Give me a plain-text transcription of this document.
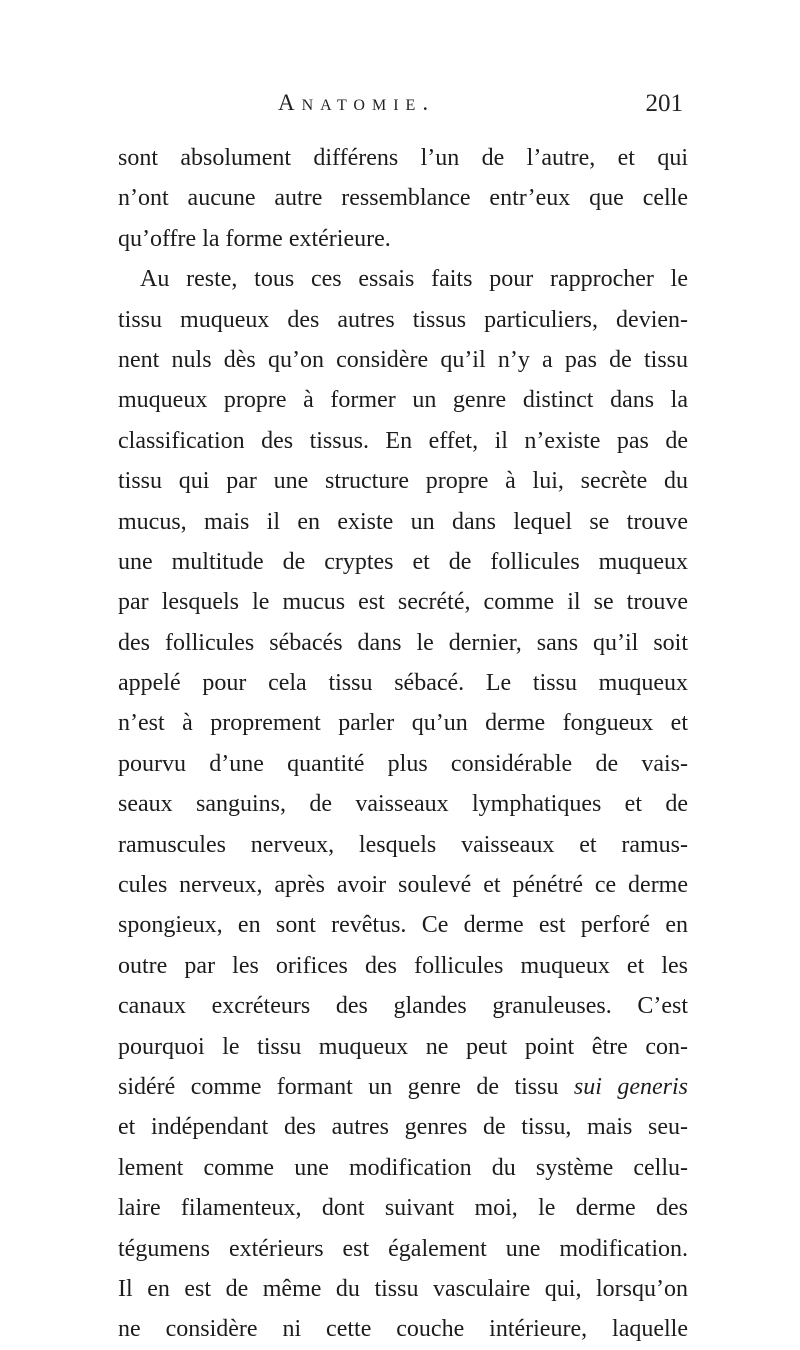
Anatomie.	201
sont absolument différens l’un de l’autre, et qui
n’ont aucune autre ressemblance entr’eux que celle
qu’offre la forme extérieure.
Au reste, tous ces essais faits pour rapprocher le
tissu muqueux des autres tissus particuliers, devien-
nent nuls dès qu’on considère qu’il n’y a pas de tissu
muqueux propre à former un genre distinct dans la
classification des tissus. En effet, il n’existe pas de
tissu qui par une structure propre à lui, secrète du
mucus, mais il en existe un dans lequel se trouve
une multitude de cryptes et de follicules muqueux
par lesquels le mucus est secrété, comme il se trouve
des follicules sébacés dans le dernier, sans qu’il soit
appelé pour cela tissu sébacé. Le tissu muqueux
n’est à proprement parler qu’un derme fongueux et
pourvu d’une quantité plus considérable de vais-
seaux sanguins, de vaisseaux lymphatiques et de
ramuscules nerveux, lesquels vaisseaux et ramus-
cules nerveux, après avoir soulevé et pénétré ce derme
spongieux, en sont revêtus. Ce derme est perforé en
outre par les orifices des follicules muqueux et les
canaux excréteurs des glandes granuleuses. C’est
pourquoi le tissu muqueux ne peut point être con-
sidéré comme formant un genre de tissu sui generis
et indépendant des autres genres de tissu, mais seu-
lement comme une modification du système cellu-
laire filamenteux, dont suivant moi, le derme des
tégumens extérieurs est également une modification.
Il en est de même du tissu vasculaire qui, lorsqu’on
ne considère ni cette couche intérieure, laquelle
